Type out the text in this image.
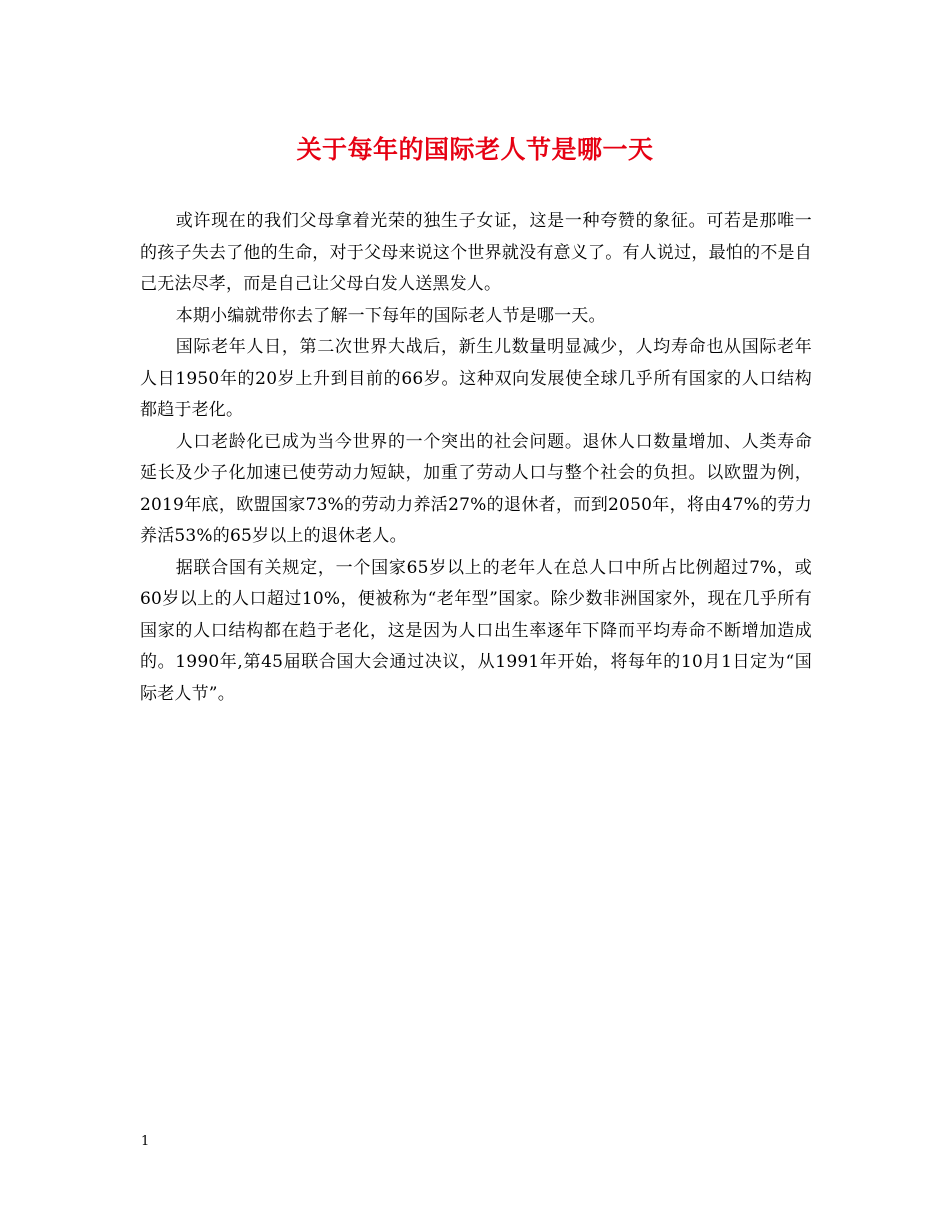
关于每年的国际老人节是哪一天

或许现在的我们父母拿着光荣的独生子女证，这是一种夸赞的象征。可若是那唯一的孩子失去了他的生命，对于父母来说这个世界就没有意义了。有人说过，最怕的不是自己无法尽孝，而是自己让父母白发人送黑发人。

本期小编就带你去了解一下每年的国际老人节是哪一天。

国际老年人日，第二次世界大战后，新生儿数量明显减少，人均寿命也从国际老年人日1950年的20岁上升到目前的66岁。这种双向发展使全球几乎所有国家的人口结构都趋于老化。

人口老龄化已成为当今世界的一个突出的社会问题。退休人口数量增加、人类寿命延长及少子化加速已使劳动力短缺，加重了劳动人口与整个社会的负担。以欧盟为例，2019年底，欧盟国家73%的劳动力养活27%的退休者，而到2050年，将由47%的劳力养活53%的65岁以上的退休老人。

据联合国有关规定，一个国家65岁以上的老年人在总人口中所占比例超过7%，或60岁以上的人口超过10%，便被称为“老年型”国家。除少数非洲国家外，现在几乎所有国家的人口结构都在趋于老化，这是因为人口出生率逐年下降而平均寿命不断增加造成的。1990年,第45届联合国大会通过决议，从1991年开始，将每年的10月1日定为“国际老人节”。

1
